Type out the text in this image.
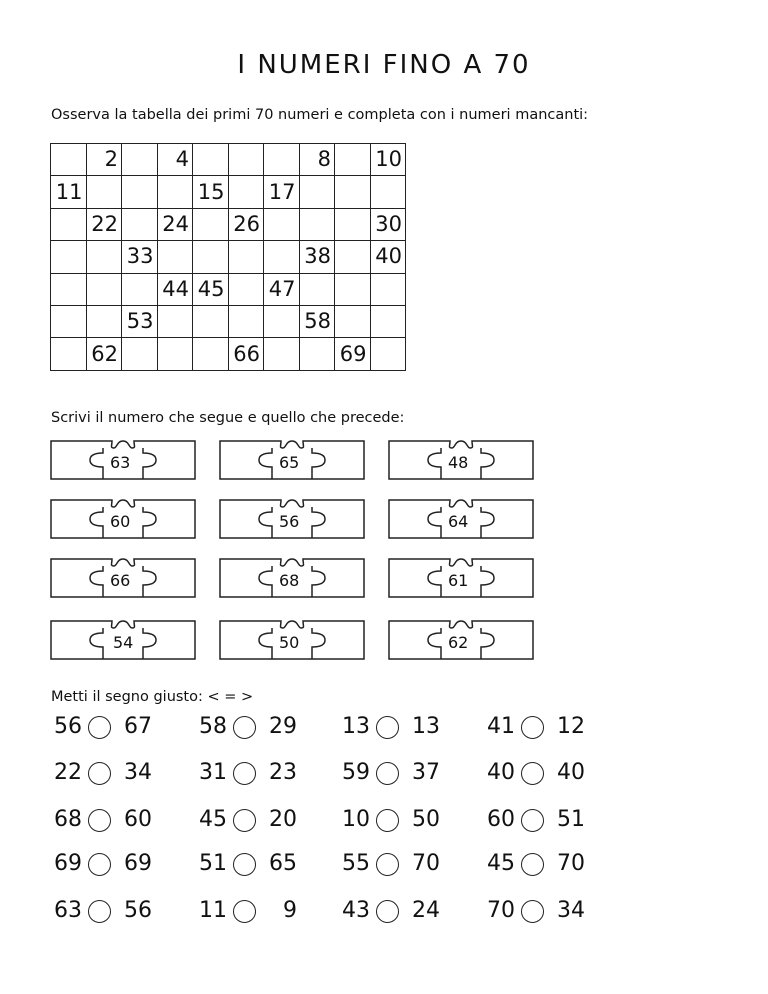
I NUMERI FINO A 70
Osserva la tabella dei primi 70 numeri e completa con i numeri mancanti:
	2		4				8		10
11				15		17			
	22		24		26				30
		33					38		40
			44	45		47			
		53					58		
	62				66			69	
Scrivi il numero che segue e quello che precede:
63	65	48
60	56	64
66	68	61
54	50	62
Metti il segno giusto: < = >
56 67 58 29 13 13 41 12
22 34 31 23 59 37 40 40
68 60 45 20 10 50 60 51
69 69 51 65 55 70 45 70
63 56 11	9 43 24 70 34
